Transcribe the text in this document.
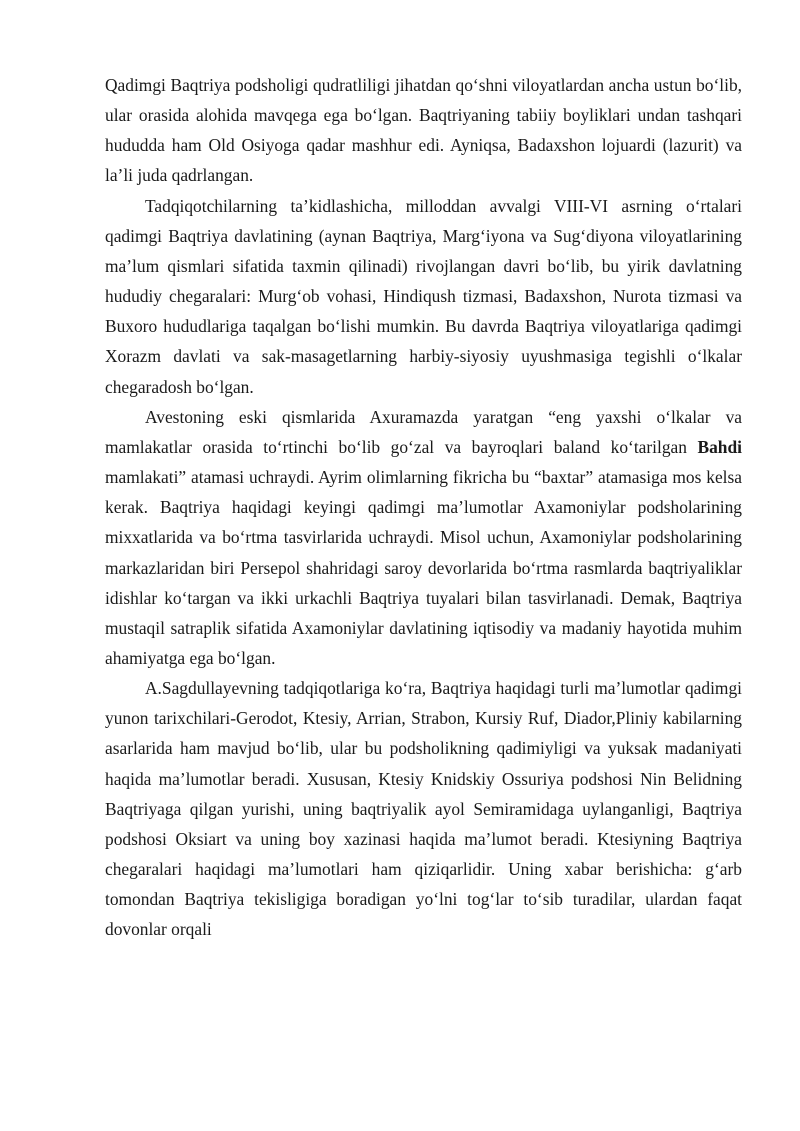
Qadimgi Baqtriya podsholigi qudratliligi jihatdan qo‘shni viloyatlardan ancha ustun bo‘lib, ular orasida alohida mavqega ega bo‘lgan. Baqtriyaning tabiiy boyliklari undan tashqari hududda ham Old Osiyoga qadar mashhur edi. Ayniqsa, Badaxshon lojuardi (lazurit) va la’li juda qadrlangan.

Tadqiqotchilarning ta’kidlashicha, milloddan avvalgi VIII-VI asrning o‘rtalari qadimgi Baqtriya davlatining (aynan Baqtriya, Marg‘iyona va Sug‘diyona viloyatlarining ma’lum qismlari sifatida taxmin qilinadi) rivojlangan davri bo‘lib, bu yirik davlatning hududiy chegaralari: Murg‘ob vohasi, Hindiqush tizmasi, Badaxshon, Nurota tizmasi va Buxoro hududlariga taqalgan bo‘lishi mumkin. Bu davrda Baqtriya viloyatlariga qadimgi Xorazm davlati va sak-masagetlarning harbiy-siyosiy uyushmasiga tegishli o‘lkalar chegaradosh bo‘lgan.

Avestoning eski qismlarida Axuramazda yaratgan “eng yaxshi o‘lkalar va mamlakatlar orasida to‘rtinchi bo‘lib go‘zal va bayroqlari baland ko‘tarilgan Bahdi mamlakati” atamasi uchraydi. Ayrim olimlarning fikricha bu “baxtar” atamasiga mos kelsa kerak. Baqtriya haqidagi keyingi qadimgi ma’lumotlar Axamoniylar podsholarining mixxatlarida va bo‘rtma tasvirlarida uchraydi. Misol uchun, Axamoniylar podsholarining markazlaridan biri Persepol shahridagi saroy devorlarida bo‘rtma rasmlarda baqtriyaliklar idishlar ko‘targan va ikki urkachli Baqtriya tuyalari bilan tasvirlanadi. Demak, Baqtriya mustaqil satraplik sifatida Axamoniylar davlatining iqtisodiy va madaniy hayotida muhim ahamiyatga ega bo‘lgan.

A.Sagdullayevning tadqiqotlariga ko‘ra, Baqtriya haqidagi turli ma’lumotlar qadimgi yunon tarixchilari-Gerodot, Ktesiy, Arrian, Strabon, Kursiy Ruf, Diador,Pliniy kabilarning asarlarida ham mavjud bo‘lib, ular bu podsholikning qadimiyligi va yuksak madaniyati haqida ma’lumotlar beradi. Xususan, Ktesiy Knidskiy Ossuriya podshosi Nin Belidning Baqtriyaga qilgan yurishi, uning baqtriyalik ayol Semiramidaga uylanganligi, Baqtriya podshosi Oksiart va uning boy xazinasi haqida ma’lumot beradi. Ktesiyning Baqtriya chegaralari haqidagi ma’lumotlari ham qiziqarlidir. Uning xabar berishicha: g‘arb tomondan Baqtriya tekisligiga boradigan yo‘lni tog‘lar to‘sib turadilar, ulardan faqat dovonlar orqali
